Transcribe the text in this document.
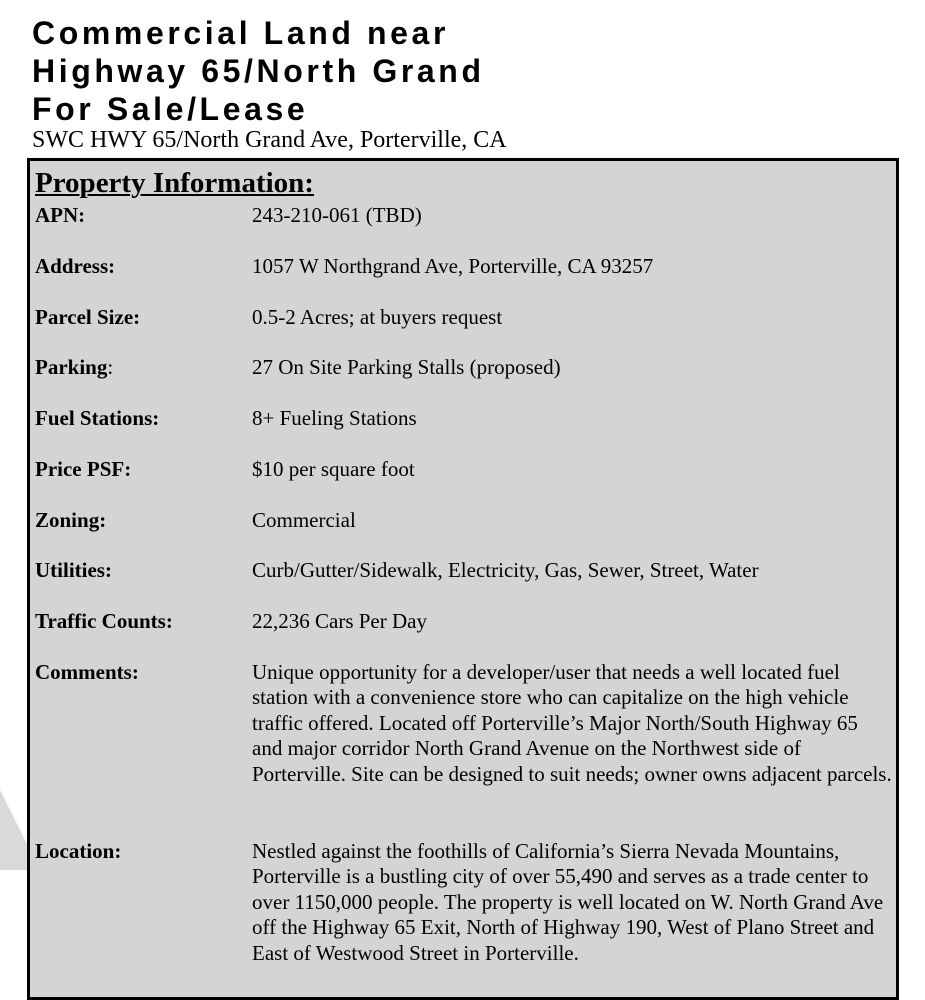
Commercial Land near
Highway 65/North Grand
For Sale/Lease
SWC HWY 65/North Grand Ave, Porterville, CA
Property Information:
APN:	243-210-061 (TBD)
Address:	1057 W Northgrand Ave, Porterville, CA 93257
Parcel Size:	0.5-2 Acres; at buyers request
Parking:	27 On Site Parking Stalls (proposed)
Fuel Stations:	8+ Fueling Stations
Price PSF:	$10 per square foot
Zoning:	Commercial
Utilities:	Curb/Gutter/Sidewalk, Electricity, Gas, Sewer, Street, Water
Traffic Counts:	22,236 Cars Per Day
Comments:	Unique opportunity for a developer/user that needs a well located fuel station with a convenience store who can capitalize on the high vehicle traffic offered. Located off Porterville’s Major North/South Highway 65 and major corridor North Grand Avenue on the Northwest side of Porterville. Site can be designed to suit needs; owner owns adjacent parcels.
Location:	Nestled against the foothills of California’s Sierra Nevada Mountains, Porterville is a bustling city of over 55,490 and serves as a trade center to over 1150,000 people. The property is well located on W. North Grand Ave off the Highway 65 Exit, North of Highway 190, West of Plano Street and East of Westwood Street in Porterville.
